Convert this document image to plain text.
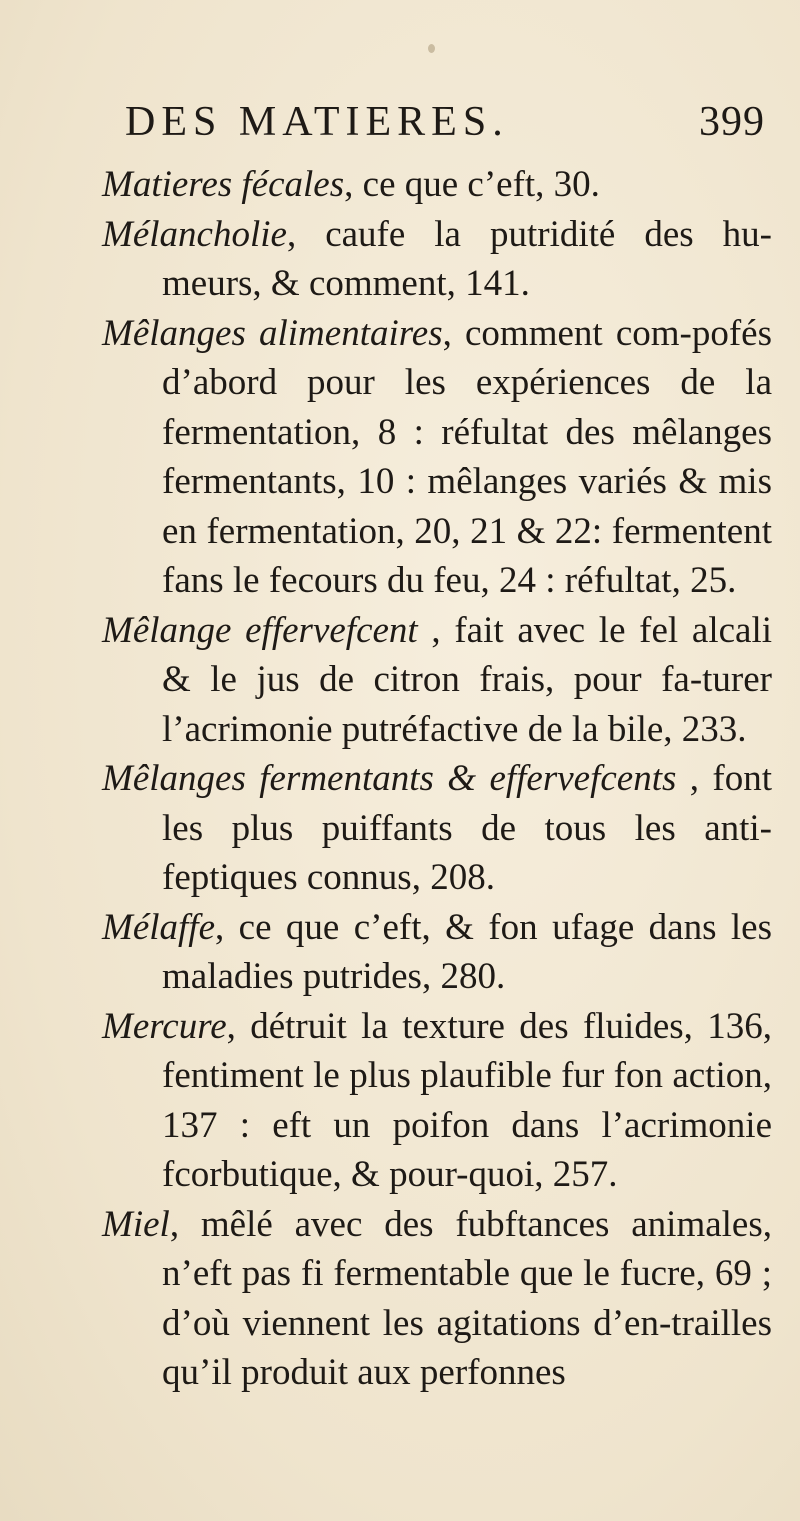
DES MATIERES.	399

Matieres fécales, ce que c’eft, 30.

Mélancholie, caufe la putridité des hu-meurs, & comment, 141.

Mêlanges alimentaires, comment com-pofés d’abord pour les expériences de la fermentation, 8 : réfultat des mêlanges fermentants, 10 : mêlanges variés & mis en fermentation, 20, 21 & 22: fermentent fans le fecours du feu, 24 : réfultat, 25.

Mêlange effervefcent , fait avec le fel alcali & le jus de citron frais, pour fa-turer l’acrimonie putréfactive de la bile, 233.

Mêlanges fermentants & effervefcents , font les plus puiffants de tous les anti-feptiques connus, 208.

Mélaffe, ce que c’eft, & fon ufage dans les maladies putrides, 280.

Mercure, détruit la texture des fluides, 136, fentiment le plus plaufible fur fon action, 137 : eft un poifon dans l’acrimonie fcorbutique, & pour-quoi, 257.

Miel, mêlé avec des fubftances animales, n’eft pas fi fermentable que le fucre, 69 ; d’où viennent les agitations d’en-trailles qu’il produit aux perfonnes
